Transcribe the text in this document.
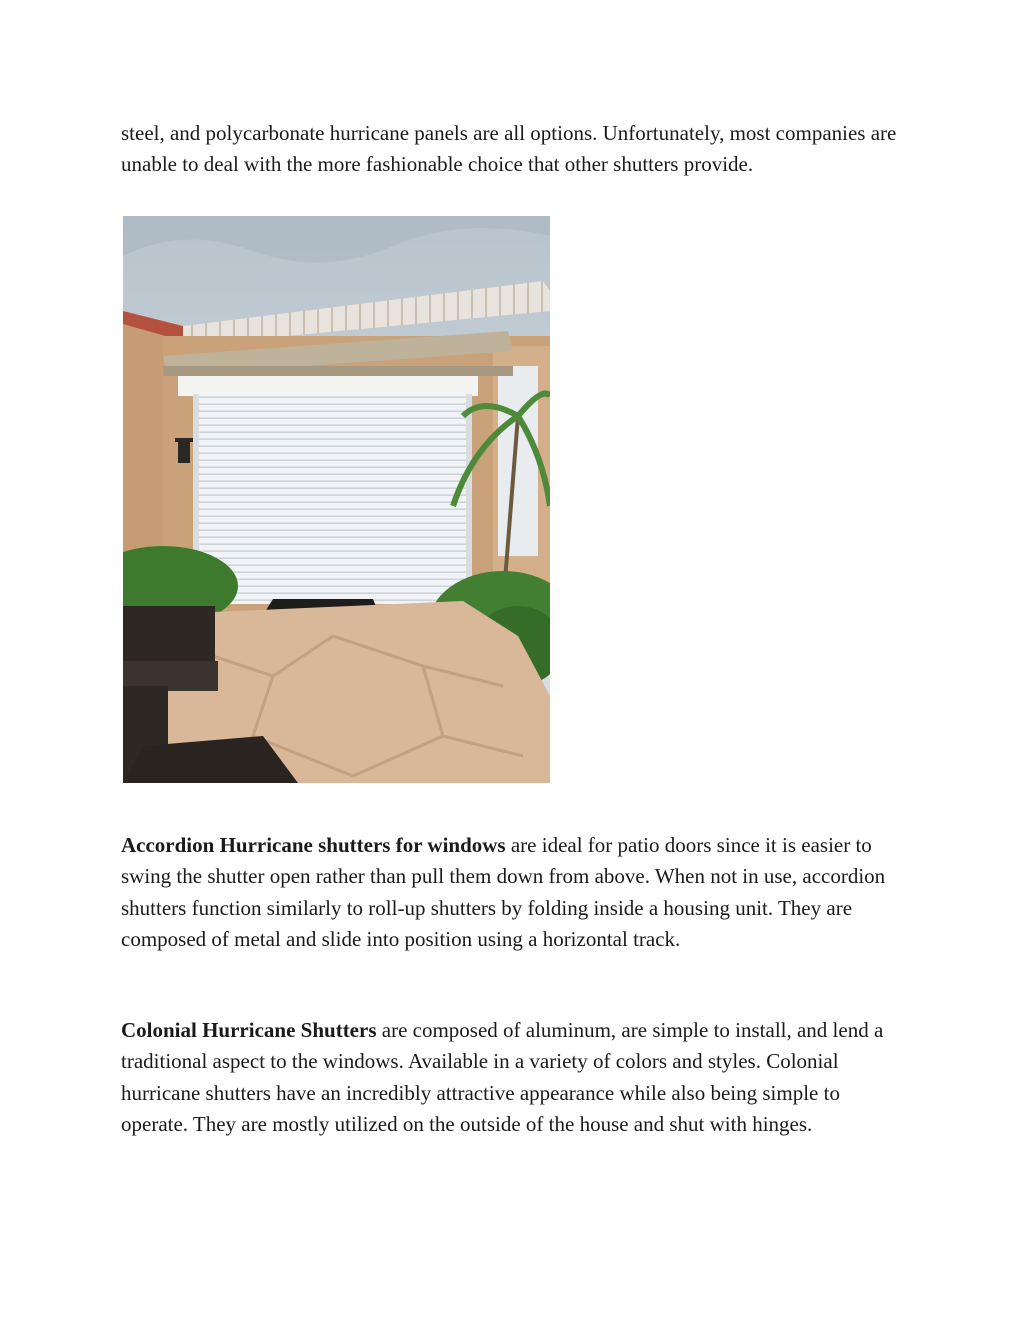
steel, and polycarbonate hurricane panels are all options. Unfortunately, most companies are unable to deal with the more fashionable choice that other shutters provide.

Accordion Hurricane shutters for windows are ideal for patio doors since it is easier to swing the shutter open rather than pull them down from above. When not in use, accordion shutters function similarly to roll-up shutters by folding inside a housing unit. They are composed of metal and slide into position using a horizontal track.

Colonial Hurricane Shutters are composed of aluminum, are simple to install, and lend a traditional aspect to the windows. Available in a variety of colors and styles. Colonial hurricane shutters have an incredibly attractive appearance while also being simple to operate. They are mostly utilized on the outside of the house and shut with hinges.
